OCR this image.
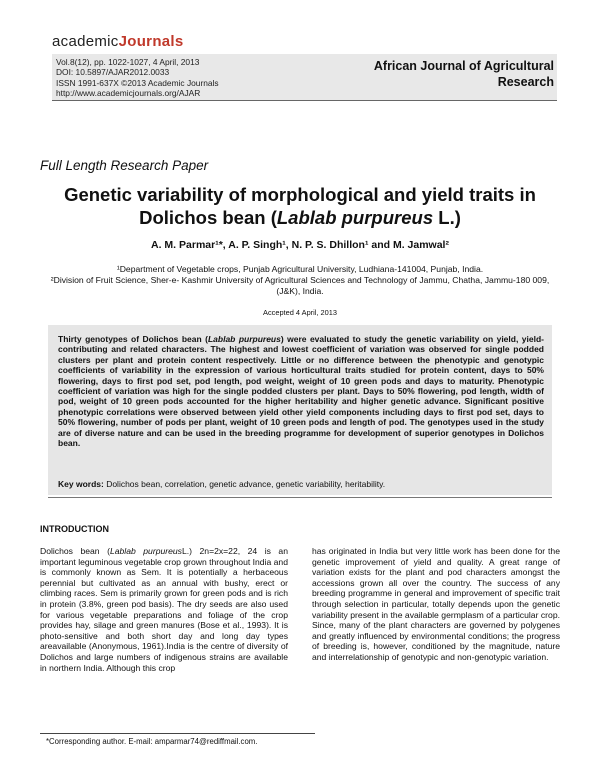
academicJournals
Vol.8(12), pp. 1022-1027, 4 April, 2013
DOI: 10.5897/AJAR2012.0033
ISSN 1991-637X ©2013 Academic Journals
http://www.academicjournals.org/AJAR
African Journal of Agricultural
Research
Full Length Research Paper
Genetic variability of morphological and yield traits in Dolichos bean (Lablab purpureus L.)
A. M. Parmar¹*, A. P. Singh¹, N. P. S. Dhillon¹ and M. Jamwal²
¹Department of Vegetable crops, Punjab Agricultural University, Ludhiana-141004, Punjab, India.
²Division of Fruit Science, Sher-e- Kashmir University of Agricultural Sciences and Technology of Jammu, Chatha, Jammu-180 009, (J&K), India.
Accepted 4 April, 2013
Thirty genotypes of Dolichos bean (Lablab purpureus) were evaluated to study the genetic variability on yield, yield-contributing and related characters. The highest and lowest coefficient of variation was observed for single podded clusters per plant and protein content respectively. Little or no difference between the phenotypic and genotypic coefficients of variability in the expression of various horticultural traits studied for protein content, days to 50% flowering, days to first pod set, pod length, pod weight, weight of 10 green pods and days to maturity. Phenotypic coefficient of variation was high for the single podded clusters per plant. Days to 50% flowering, pod length, width of pod, weight of 10 green pods accounted for the higher heritability and higher genetic advance. Significant positive phenotypic correlations were observed between yield other yield components including days to first pod set, days to 50% flowering, number of pods per plant, weight of 10 green pods and length of pod. The genotypes used in the study are of diverse nature and can be used in the breeding programme for development of superior genotypes in Dolichos bean.
Key words: Dolichos bean, correlation, genetic advance, genetic variability, heritability.
INTRODUCTION
Dolichos bean (Lablab purpureusL.) 2n=2x=22, 24 is an important leguminous vegetable crop grown throughout India and is commonly known as Sem. It is potentially a herbaceous perennial but cultivated as an annual with bushy, erect or climbing races. Sem is primarily grown for green pods and is rich in protein (3.8%, green pod basis). The dry seeds are also used for various vegetable preparations and foliage of the crop provides hay, silage and green manures (Bose et al., 1993). It is photo-sensitive and both short day and long day types areavailable (Anonymous, 1961).India is the centre of diversity of Dolichos and large numbers of indigenous strains are available in northern India. Although this crop
has originated in India but very little work has been done for the genetic improvement of yield and quality. A great range of variation exists for the plant and pod characters amongst the accessions grown all over the country. The success of any breeding programme in general and improvement of specific trait through selection in particular, totally depends upon the genetic variability present in the available germplasm of a particular crop. Since, many of the plant characters are governed by polygenes and greatly influenced by environmental conditions; the progress of breeding is, however, conditioned by the magnitude, nature and interrelationship of genotypic and non-genotypic variation.
*Corresponding author. E-mail: amparmar74@rediffmail.com.
